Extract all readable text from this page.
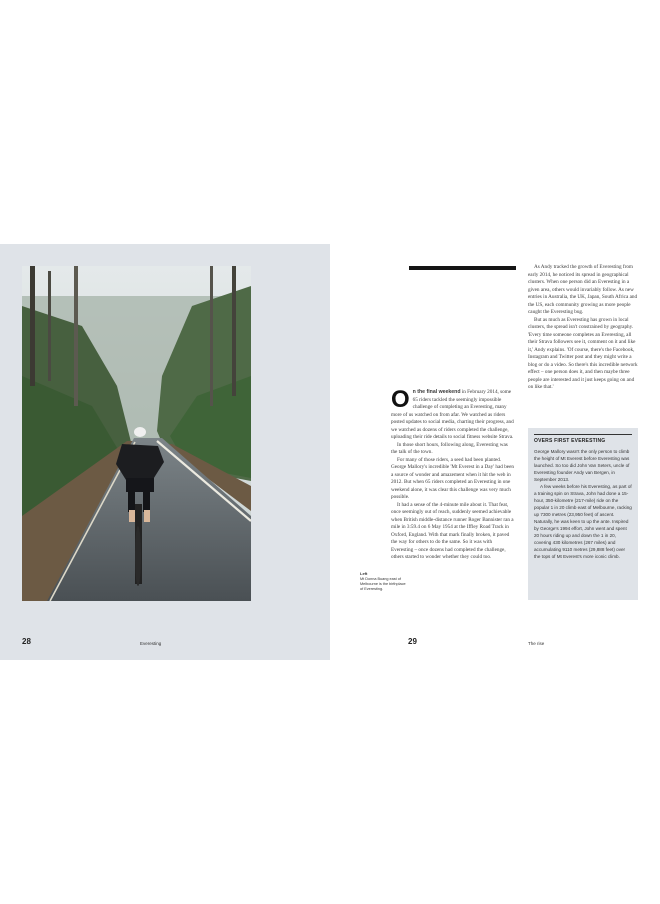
Left
Mt Donna Buang east of Melbourne is the birthplace of Everesting.
28	Everesting	29	The rise

On the final weekend in February 2014, some 65 riders tackled the seemingly impossible challenge of completing an Everesting, many more of us watched on from afar. We watched as riders posted updates to social media, charting their progress, and we watched as dozens of riders completed the challenge, uploading their ride details to social fitness website Strava.

In those short hours, following along, Everesting was the talk of the town.

For many of those riders, a seed had been planted. George Mallory's incredible 'Mt Everest in a Day' had been a source of wonder and amazement when it hit the web in 2012. But when 65 riders completed an Everesting in one weekend alone, it was clear this challenge was very much possible.

It had a sense of the 4-minute mile about it. That feat, once seemingly out of reach, suddenly seemed achievable when British middle-distance runner Roger Bannister ran a mile in 3:59.4 on 6 May 1954 at the Iffley Road Track in Oxford, England. With that mark finally broken, it paved the way for others to do the same. So it was with Everesting – once dozens had completed the challenge, others started to wonder whether they could too.

As Andy tracked the growth of Everesting from early 2014, he noticed its spread in geographical clusters. When one person did an Everesting in a given area, others would invariably follow. As new entries in Australia, the UK, Japan, South Africa and the US, each community growing as more people caught the Everesting bug.

But as much as Everesting has grown in local clusters, the spread isn't constrained by geography. 'Every time someone completes an Everesting, all their Strava followers see it, comment on it and like it,' Andy explains. 'Of course, there's the Facebook, Instagram and Twitter post and they might write a blog or do a video. So there's this incredible network effect – one person does it, and then maybe three people are interested and it just keeps going on and on like that.'

OVERS FIRST EVERESTING

George Mallory wasn't the only person to climb the height of Mt Everest before Everesting was launched. So too did John Van Seters, uncle of Everesting founder Andy van Bergen, in September 2013.

A few weeks before his Everesting, as part of a training spin on Strava, John had done a 15-hour, 350-kilometre (217-mile) ride on the popular 1 in 20 climb east of Melbourne, racking up 7300 metres (23,950 feet) of ascent. Naturally, he was keen to up the ante. Inspired by George's 1994 effort, John went and spent 20 hours riding up and down the 1 in 20, covering 430 kilometres (267 miles) and accumulating 9110 metres (29,888 feet) over the tops of Mt Everest's more iconic climb.
